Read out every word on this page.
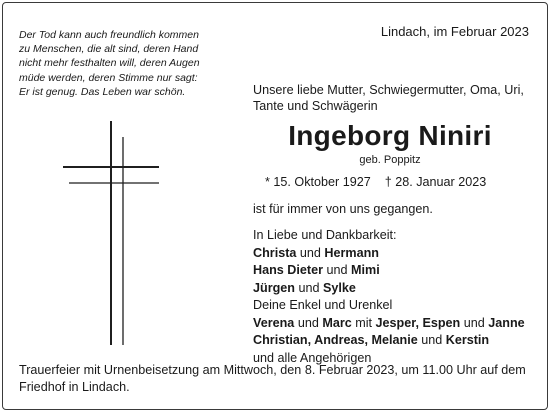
Der Tod kann auch freundlich kommen
zu Menschen, die alt sind, deren Hand
nicht mehr festhalten will, deren Augen
müde werden, deren Stimme nur sagt:
Er ist genug. Das Leben war schön.
Lindach, im Februar 2023
Unsere liebe Mutter, Schwiegermutter, Oma, Uri,
Tante und Schwägerin
Ingeborg Niniri
geb. Poppitz
* 15. Oktober 1927 † 28. Januar 2023
ist für immer von uns gegangen.
In Liebe und Dankbarkeit:
Christa und Hermann
Hans Dieter und Mimi
Jürgen und Sylke
Deine Enkel und Urenkel
Verena und Marc mit Jesper, Espen und Janne
Christian, Andreas, Melanie und Kerstin
und alle Angehörigen
Trauerfeier mit Urnenbeisetzung am Mittwoch, den 8. Februar 2023, um 11.00 Uhr auf dem Friedhof in Lindach.
